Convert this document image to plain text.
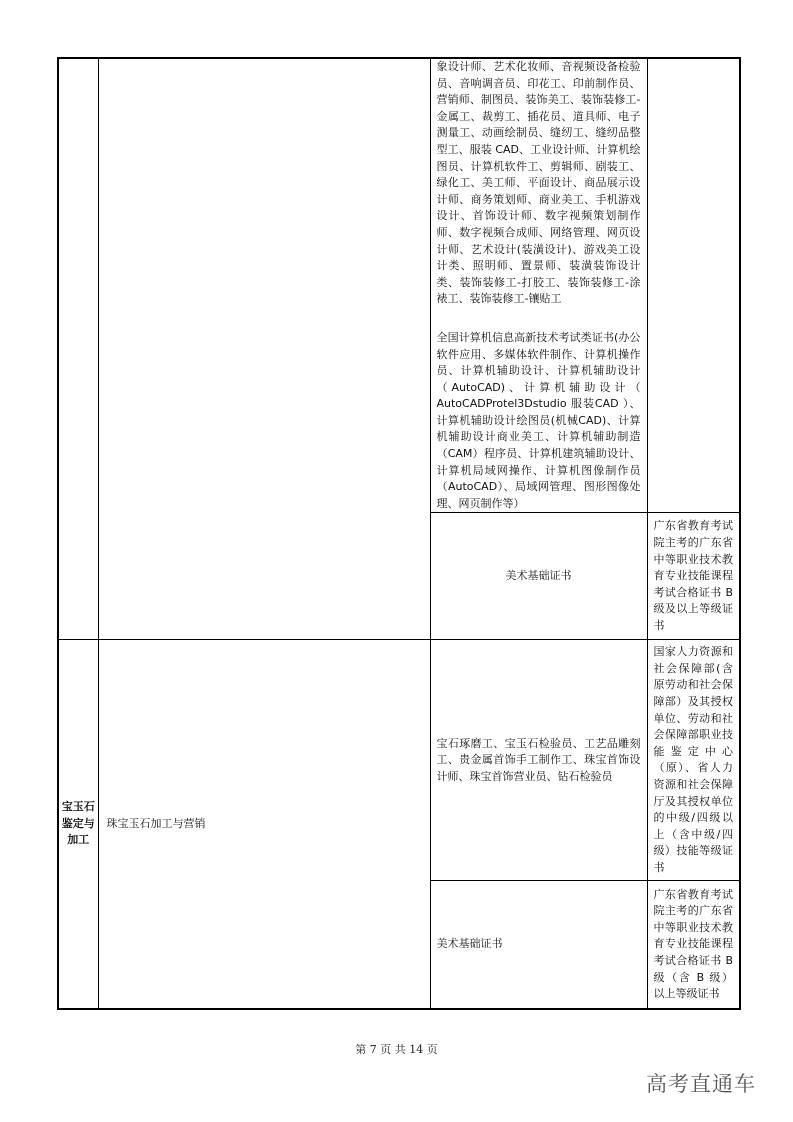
		象设计师、艺术化妆师、音视频设备检验员、音响调音员、印花工、印前制作员、营销师、制图员、装饰美工、装饰装修工-金属工、裁剪工、插花员、道具师、电子测量工、动画绘制员、缝纫工、缝纫品整型工、服装 CAD、工业设计师、计算机绘图员、计算机软件工、剪辑师、剧装工、绿化工、美工师、平面设计、商品展示设计师、商务策划师、商业美工、手机游戏设计、首饰设计师、数字视频策划制作师、数字视频合成师、网络管理、网页设计师、艺术设计(装潢设计)、游戏美工设计类、照明师、置景师、装潢装饰设计类、装饰装修工-打胶工、装饰装修工-涂裱工、装饰装修工-镶贴工
全国计算机信息高新技术考试类证书(办公软件应用、多媒体软件制作、计算机操作员、计算机辅助设计、计算机辅助设计（AutoCAD)、计算机辅助设计（ AutoCADProtel3Dstudio 服装CAD ）、计算机辅助设计绘图员(机械CAD)、计算机辅助设计商业美工、计算机辅助制造（CAM）程序员、计算机建筑辅助设计、计算机局域网操作、计算机图像制作员（AutoCAD）、局域网管理、图形图像处理、网页制作等）	

		美术基础证书	广东省教育考试院主考的广东省中等职业技术教育专业技能课程考试合格证书 B 级及以上等级证书
宝玉石鉴定与加工	珠宝玉石加工与营销	宝石琢磨工、宝玉石检验员、工艺品雕刻工、贵金属首饰手工制作工、珠宝首饰设计师、珠宝首饰营业员、钻石检验员	国家人力资源和社会保障部(含原劳动和社会保障部）及其授权单位、劳动和社会保障部职业技能鉴定中心（原）、省人力资源和社会保障厅及其授权单位的中级/四级以上（含中级/四级）技能等级证书
		美术基础证书	广东省教育考试院主考的广东省中等职业技术教育专业技能课程考试合格证书 B 级（含 B 级）以上等级证书
第 7 页 共 14 页
高考直通车
